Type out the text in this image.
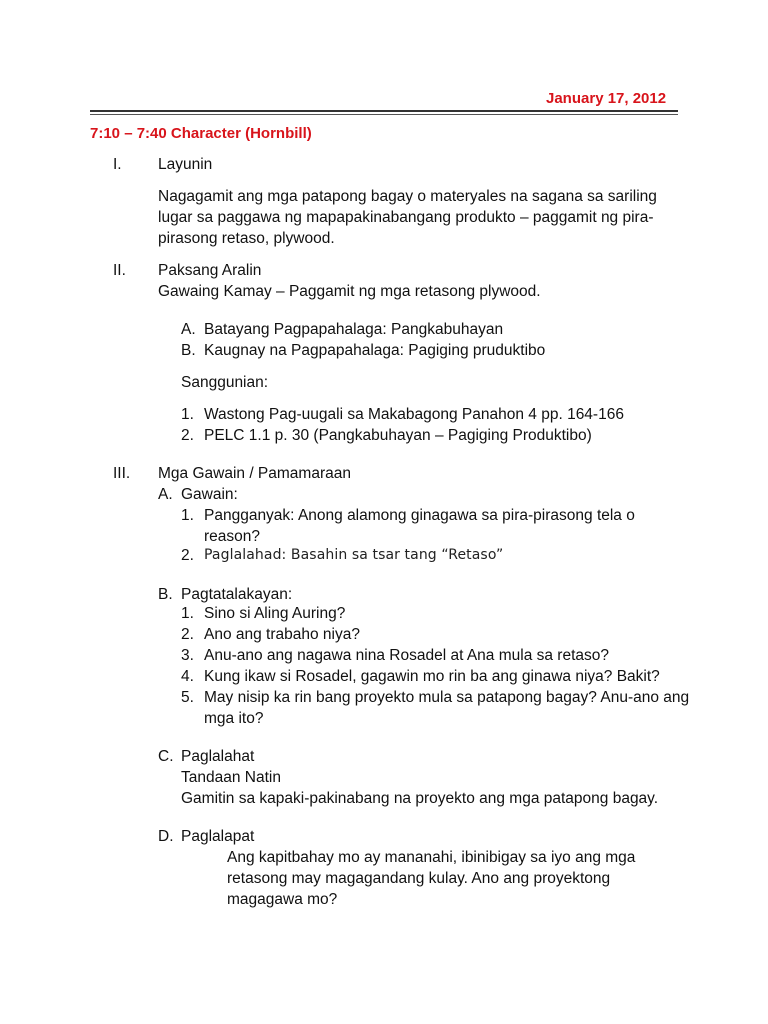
January 17, 2012
7:10 – 7:40 Character (Hornbill)
I. Layunin
Nagagamit ang mga patapong bagay o materyales na sagana sa sariling
lugar sa paggawa ng mapapakinabangang produkto – paggamit ng pira-
pirasong retaso, plywood.
II. Paksang Aralin
Gawaing Kamay – Paggamit ng mga retasong plywood.
A. Batayang Pagpapahalaga: Pangkabuhayan
B. Kaugnay na Pagpapahalaga: Pagiging pruduktibo
Sanggunian:
1. Wastong Pag-uugali sa Makabagong Panahon 4 pp. 164-166
2. PELC 1.1 p. 30 (Pangkabuhayan – Pagiging Produktibo)
III. Mga Gawain / Pamamaraan
A. Gawain:
1. Pangganyak: Anong alamong ginagawa sa pira-pirasong tela o
reason?
2. Paglalahad: Basahin sa tsar tang “Retaso”
B. Pagtatalakayan:
1. Sino si Aling Auring?
2. Ano ang trabaho niya?
3. Anu-ano ang nagawa nina Rosadel at Ana mula sa retaso?
4. Kung ikaw si Rosadel, gagawin mo rin ba ang ginawa niya? Bakit?
5. May nisip ka rin bang proyekto mula sa patapong bagay? Anu-ano ang
mga ito?
C. Paglalahat
Tandaan Natin
Gamitin sa kapaki-pakinabang na proyekto ang mga patapong bagay.
D. Paglalapat
Ang kapitbahay mo ay mananahi, ibinibigay sa iyo ang mga
retasong may magagandang kulay. Ano ang proyektong
magagawa mo?
